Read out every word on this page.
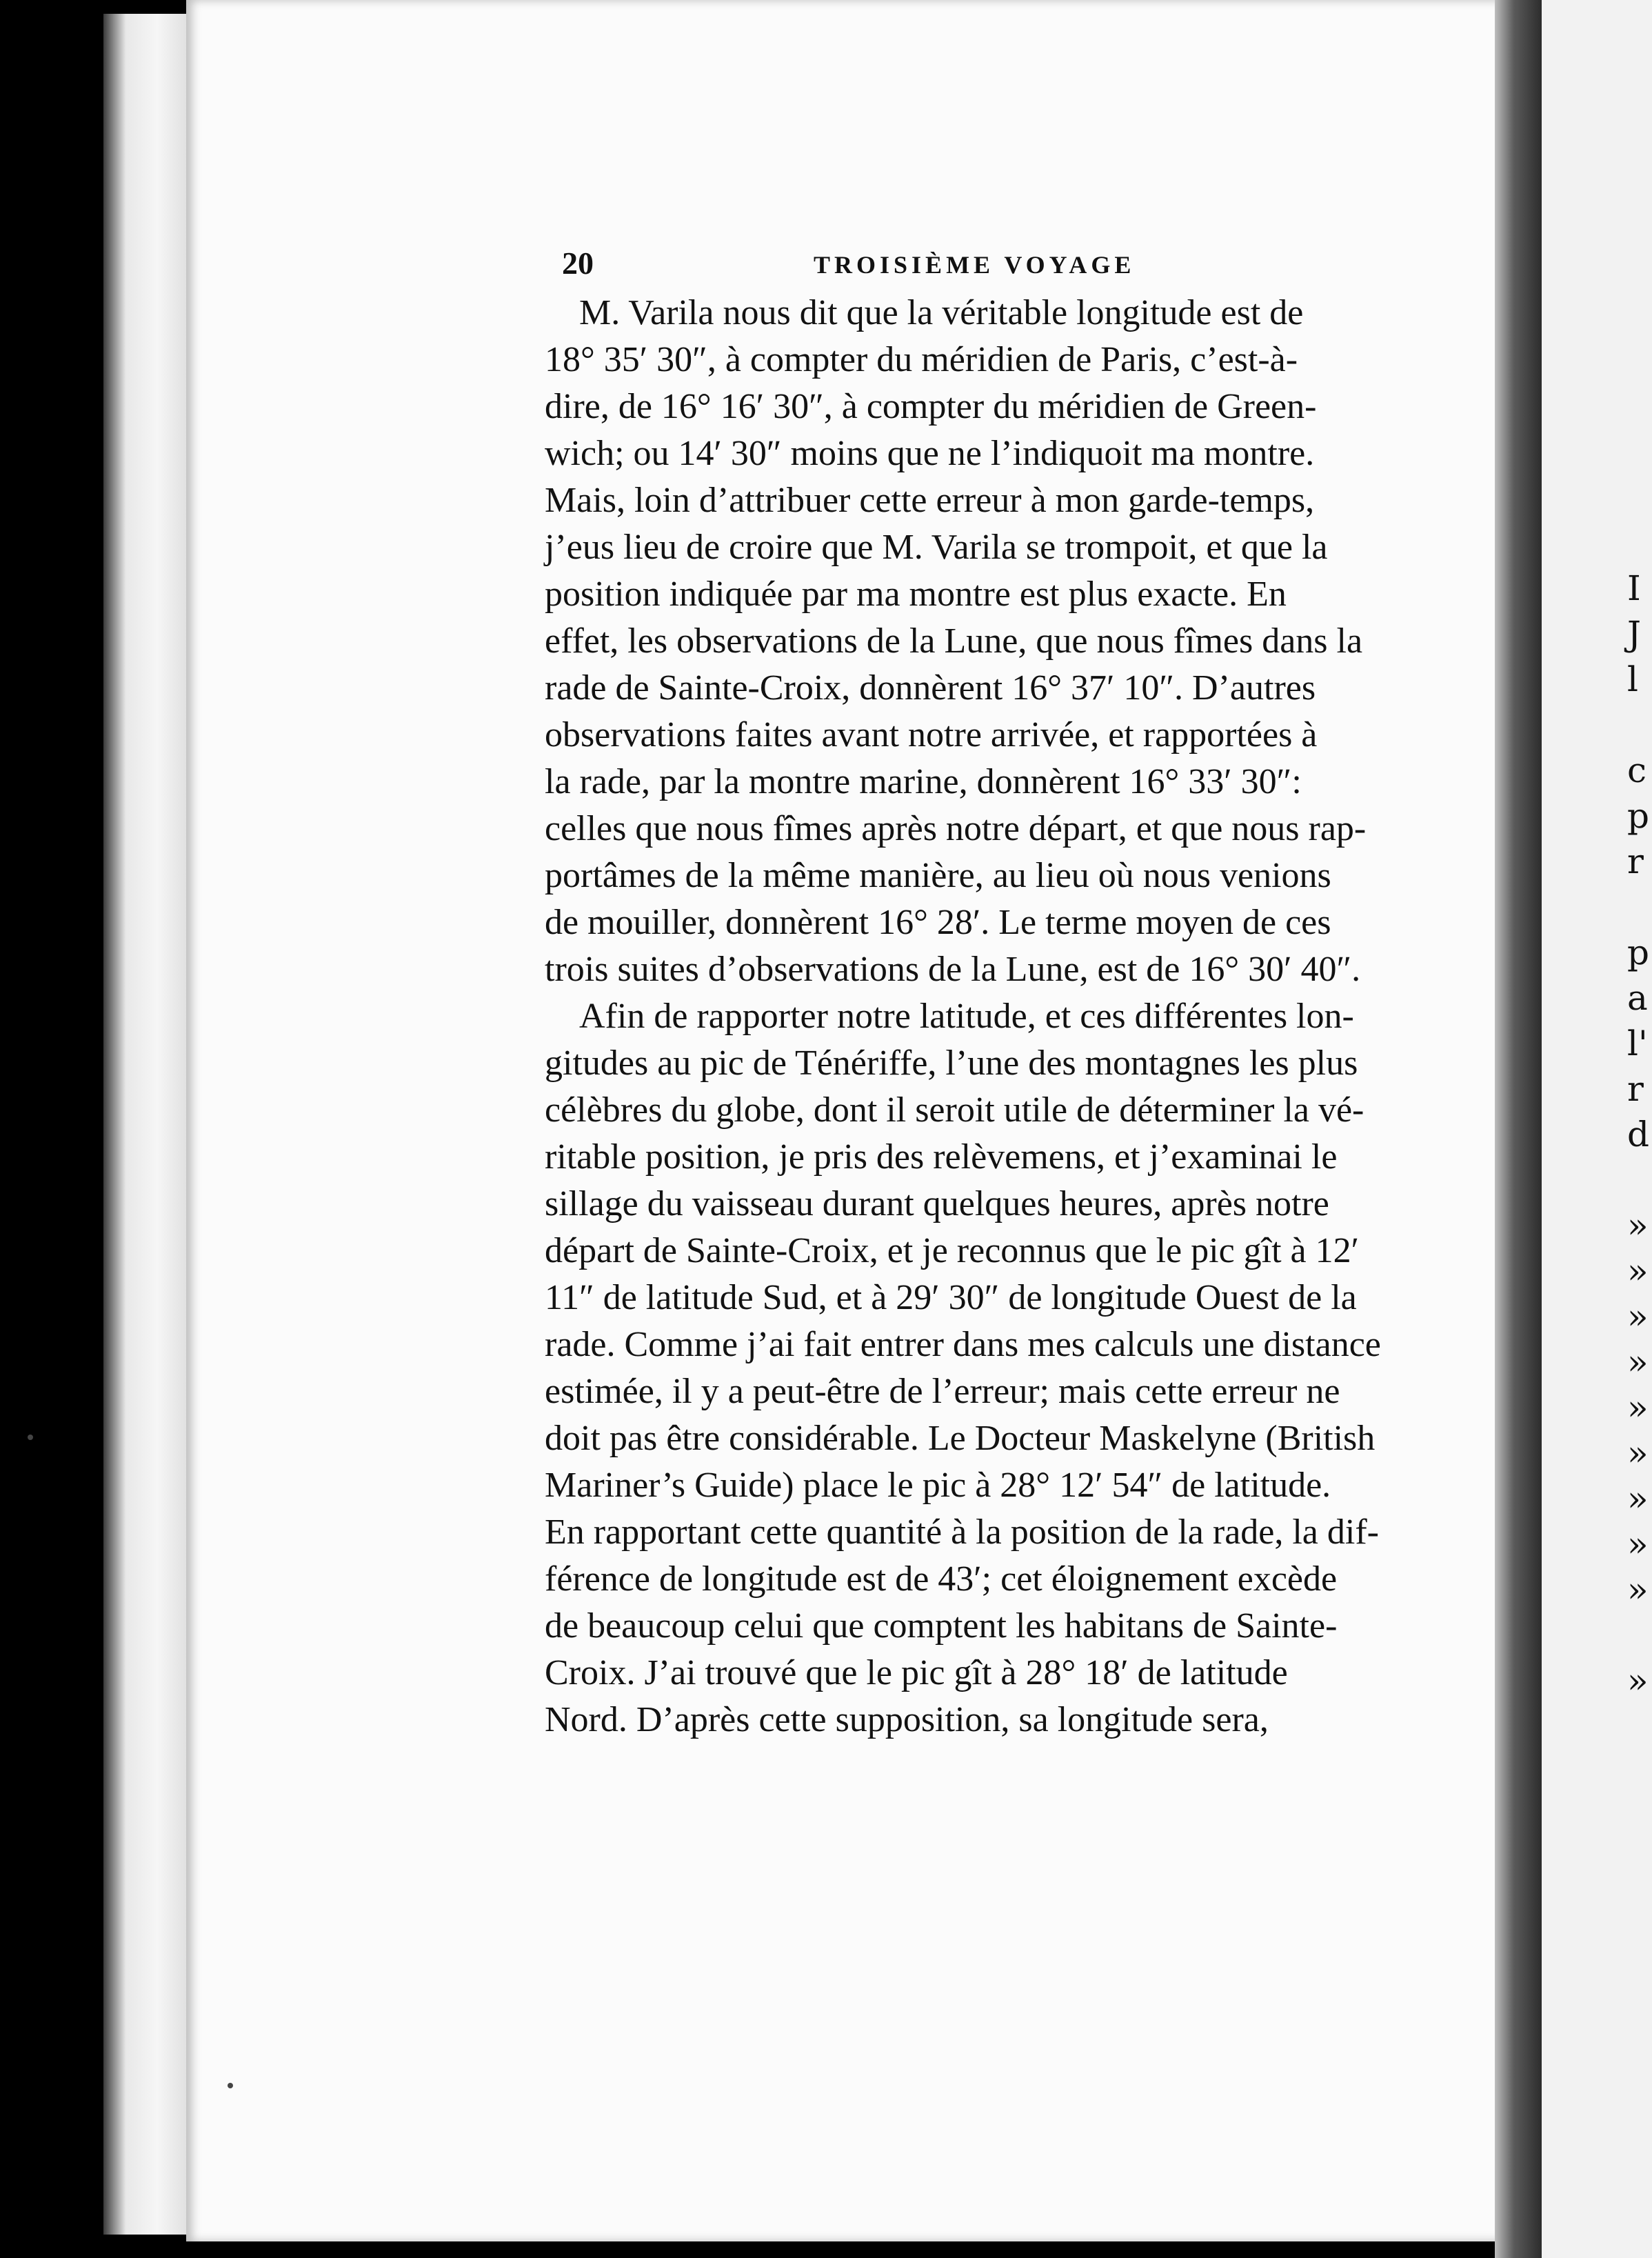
20	TROISIÈME VOYAGE
M. Varila nous dit que la véritable longitude est de
18° 35′ 30″, à compter du méridien de Paris, c’est-à-
dire, de 16° 16′ 30″, à compter du méridien de Green-
wich; ou 14′ 30″ moins que ne l’indiquoit ma montre.
Mais, loin d’attribuer cette erreur à mon garde-temps,
j’eus lieu de croire que M. Varila se trompoit, et que la
position indiquée par ma montre est plus exacte. En
effet, les observations de la Lune, que nous fîmes dans la
rade de Sainte-Croix, donnèrent 16° 37′ 10″. D’autres
observations faites avant notre arrivée, et rapportées à
la rade, par la montre marine, donnèrent 16° 33′ 30″:
celles que nous fîmes après notre départ, et que nous rap-
portâmes de la même manière, au lieu où nous venions
de mouiller, donnèrent 16° 28′. Le terme moyen de ces
trois suites d’observations de la Lune, est de 16° 30′ 40″.
Afin de rapporter notre latitude, et ces différentes lon-
gitudes au pic de Ténériffe, l’une des montagnes les plus
célèbres du globe, dont il seroit utile de déterminer la vé-
ritable position, je pris des relèvemens, et j’examinai le
sillage du vaisseau durant quelques heures, après notre
départ de Sainte-Croix, et je reconnus que le pic gît à 12′
11″ de latitude Sud, et à 29′ 30″ de longitude Ouest de la
rade. Comme j’ai fait entrer dans mes calculs une distance
estimée, il y a peut-être de l’erreur; mais cette erreur ne
doit pas être considérable. Le Docteur Maskelyne (British
Mariner’s Guide) place le pic à 28° 12′ 54″ de latitude.
En rapportant cette quantité à la position de la rade, la dif-
férence de longitude est de 43′; cet éloignement excède
de beaucoup celui que comptent les habitans de Sainte-
Croix. J’ai trouvé que le pic gît à 28° 18′ de latitude
Nord. D’après cette supposition, sa longitude sera,
I
J
l

c
p
r

p
a
l'
r
d

»
»
»
»
»
»
»
»
»

»
